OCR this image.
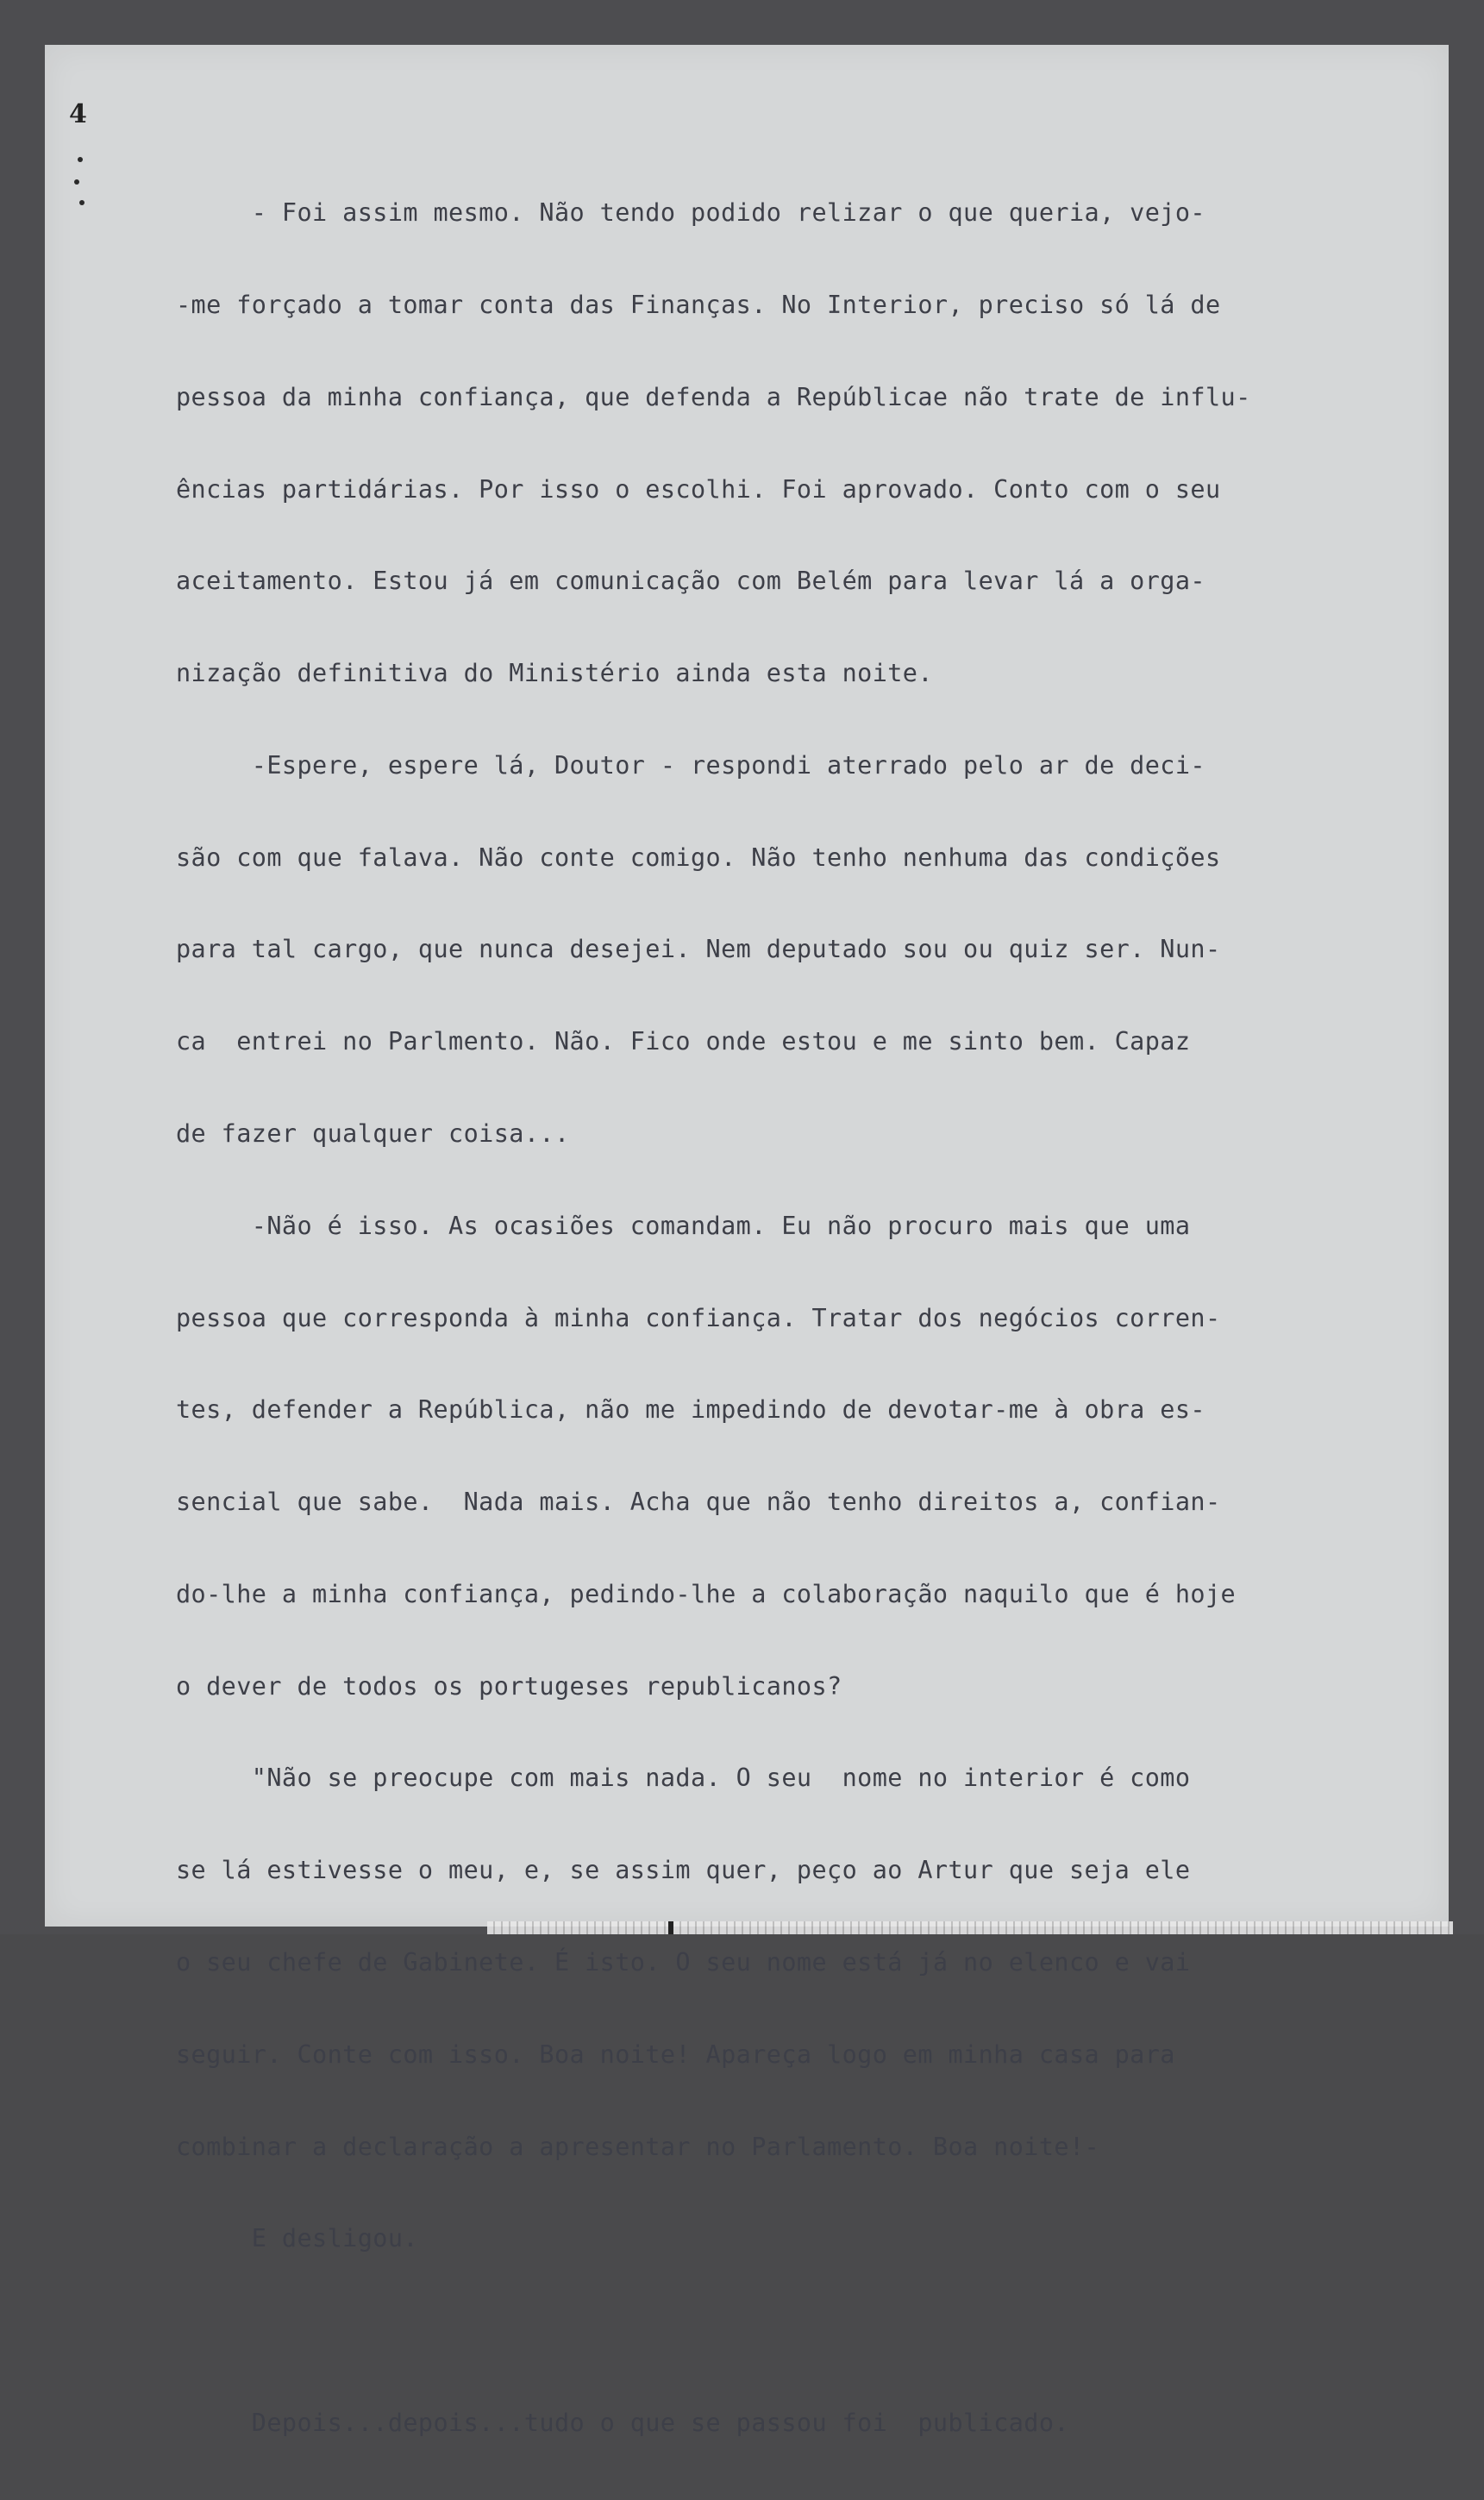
4

- Foi assim mesmo. Não tendo podido relizar o que queria, vejo-

-me forçado a tomar conta das Finanças. No Interior, preciso só lá de

pessoa da minha confiança, que defenda a Repúblicae não trate de influ-

ências partidárias. Por isso o escolhi. Foi aprovado. Conto com o seu

aceitamento. Estou já em comunicação com Belém para levar lá a orga-

nização definitiva do Ministério ainda esta noite.

-Espere, espere lá, Doutor - respondi aterrado pelo ar de deci-

são com que falava. Não conte comigo. Não tenho nenhuma das condições

para tal cargo, que nunca desejei. Nem deputado sou ou quiz ser. Nun-

ca  entrei no Parlmento. Não. Fico onde estou e me sinto bem. Capaz

de fazer qualquer coisa...

-Não é isso. As ocasiões comandam. Eu não procuro mais que uma

pessoa que corresponda à minha confiança. Tratar dos negócios corren-

tes, defender a República, não me impedindo de devotar-me à obra es-

sencial que sabe.  Nada mais. Acha que não tenho direitos a, confian-

do-lhe a minha confiança, pedindo-lhe a colaboração naquilo que é hoje

o dever de todos os portugeses republicanos?

"Não se preocupe com mais nada. O seu  nome no interior é como

se lá estivesse o meu, e, se assim quer, peço ao Artur que seja ele

o seu chefe de Gabinete. É isto. O seu nome está já no elenco e vai

seguir. Conte com isso. Boa noite! Apareça logo em minha casa para

combinar a declaração a apresentar no Parlamento. Boa noite!-

E desligou.

Depois...depois...tudo o que se passou foi  publicado.
